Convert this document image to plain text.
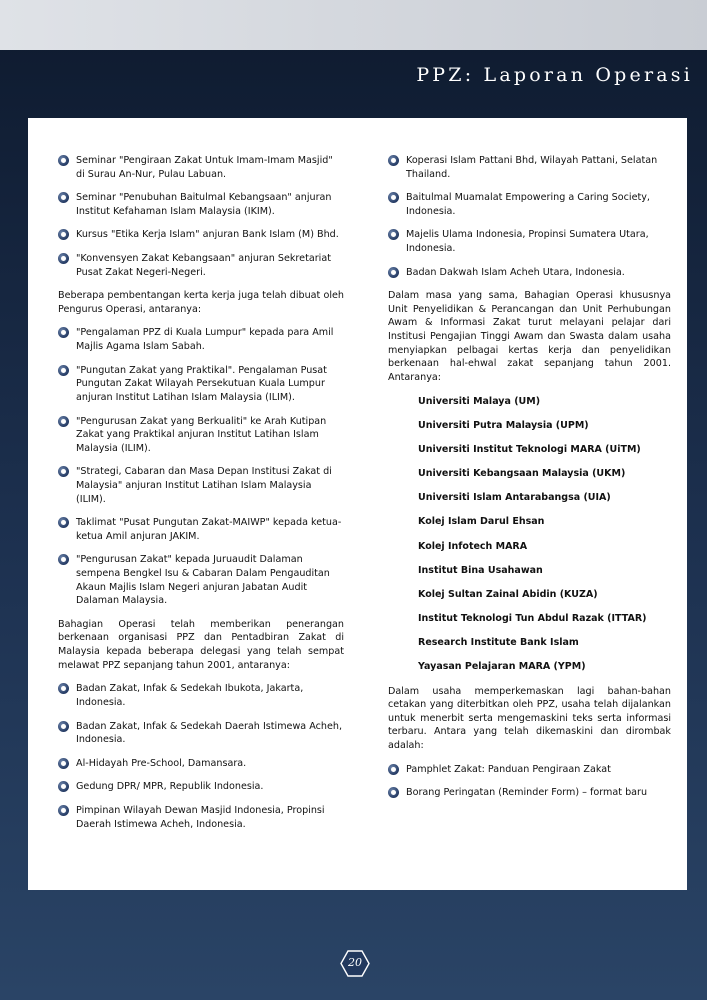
PPZ: Laporan Operasi
Seminar "Pengiraan Zakat Untuk Imam-Imam Masjid" di Surau An-Nur, Pulau Labuan.
Seminar "Penubuhan Baitulmal Kebangsaan" anjuran Institut Kefahaman Islam Malaysia (IKIM).
Kursus "Etika Kerja Islam" anjuran Bank Islam (M) Bhd.
"Konvensyen Zakat Kebangsaan" anjuran Sekretariat Pusat Zakat Negeri-Negeri.

Beberapa pembentangan kerta kerja juga telah dibuat oleh Pengurus Operasi, antaranya:

"Pengalaman PPZ di Kuala Lumpur" kepada para Amil Majlis Agama Islam Sabah.
"Pungutan Zakat yang Praktikal". Pengalaman Pusat Pungutan Zakat Wilayah Persekutuan Kuala Lumpur anjuran Institut Latihan Islam Malaysia (ILIM).
"Pengurusan Zakat yang Berkualiti" ke Arah Kutipan Zakat yang Praktikal anjuran Institut Latihan Islam Malaysia (ILIM).
"Strategi, Cabaran dan Masa Depan Institusi Zakat di Malaysia" anjuran Institut Latihan Islam Malaysia (ILIM).
Taklimat "Pusat Pungutan Zakat-MAIWP" kepada ketua-ketua Amil anjuran JAKIM.
"Pengurusan Zakat" kepada Juruaudit Dalaman sempena Bengkel Isu & Cabaran Dalam Pengauditan Akaun Majlis Islam Negeri anjuran Jabatan Audit Dalaman Malaysia.

Bahagian Operasi telah memberikan penerangan berkenaan organisasi PPZ dan Pentadbiran Zakat di Malaysia kepada beberapa delegasi yang telah sempat melawat PPZ sepanjang tahun 2001, antaranya:

Badan Zakat, Infak & Sedekah Ibukota, Jakarta, Indonesia.
Badan Zakat, Infak & Sedekah Daerah Istimewa Acheh, Indonesia.
Al-Hidayah Pre-School, Damansara.
Gedung DPR/ MPR, Republik Indonesia.
Pimpinan Wilayah Dewan Masjid Indonesia, Propinsi Daerah Istimewa Acheh, Indonesia.
Koperasi Islam Pattani Bhd, Wilayah Pattani, Selatan Thailand.
Baitulmal Muamalat Empowering a Caring Society, Indonesia.
Majelis Ulama Indonesia, Propinsi Sumatera Utara, Indonesia.
Badan Dakwah Islam Acheh Utara, Indonesia.

Dalam masa yang sama, Bahagian Operasi khususnya Unit Penyelidikan & Perancangan dan Unit Perhubungan Awam & Informasi Zakat turut melayani pelajar dari Institusi Pengajian Tinggi Awam dan Swasta dalam usaha menyiapkan pelbagai kertas kerja dan penyelidikan berkenaan hal-ehwal zakat sepanjang tahun 2001. Antaranya:

Universiti Malaya (UM)
Universiti Putra Malaysia (UPM)
Universiti Institut Teknologi MARA (UiTM)
Universiti Kebangsaan Malaysia (UKM)
Universiti Islam Antarabangsa (UIA)
Kolej Islam Darul Ehsan
Kolej Infotech MARA
Institut Bina Usahawan
Kolej Sultan Zainal Abidin (KUZA)
Institut Teknologi Tun Abdul Razak (ITTAR)
Research Institute Bank Islam
Yayasan Pelajaran MARA (YPM)

Dalam usaha memperkemaskan lagi bahan-bahan cetakan yang diterbitkan oleh PPZ, usaha telah dijalankan untuk menerbit serta mengemaskini teks serta informasi terbaru. Antara yang telah dikemaskini dan dirombak adalah:

Pamphlet Zakat: Panduan Pengiraan Zakat
Borang Peringatan (Reminder Form) – format baru
20
